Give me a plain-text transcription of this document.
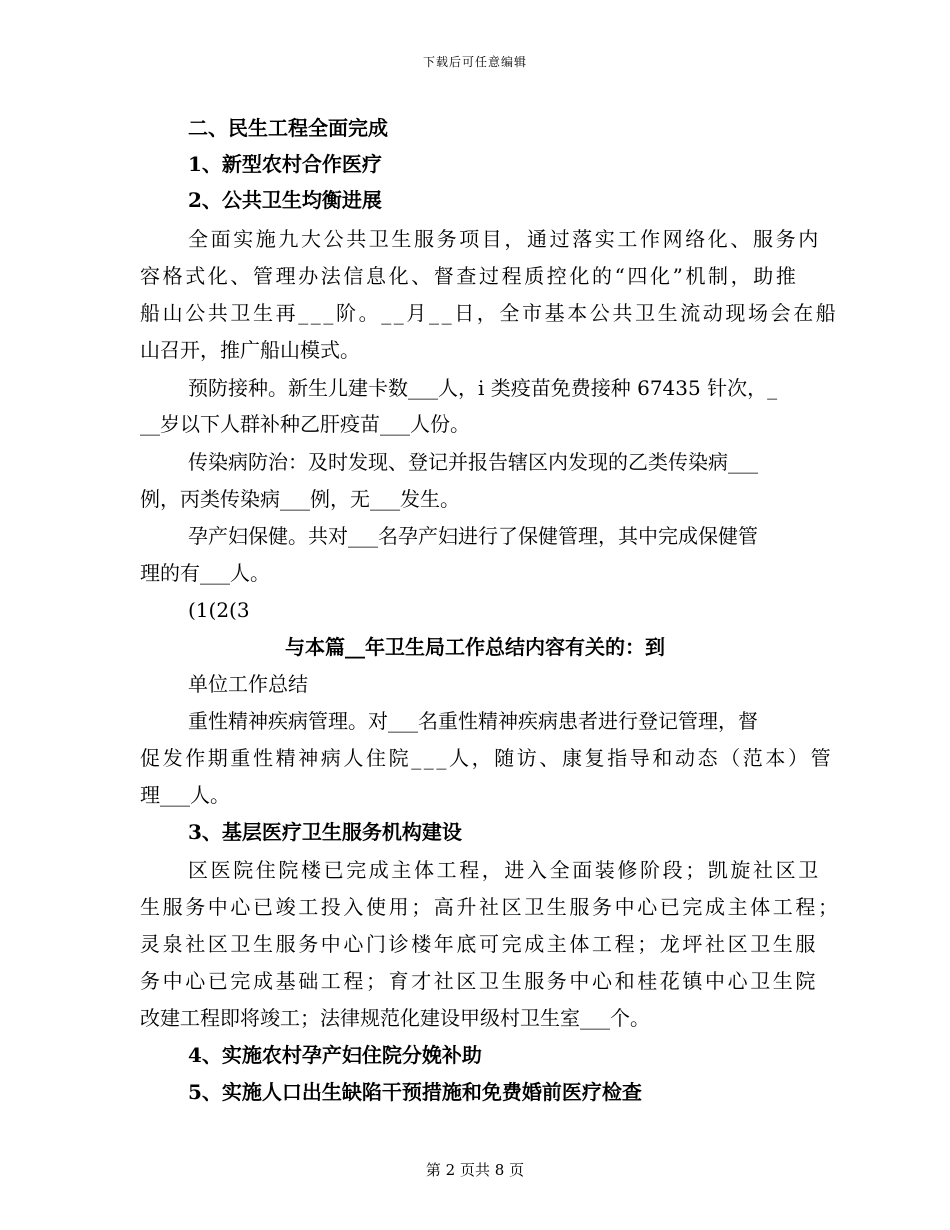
下载后可任意编辑
二、民生工程全面完成
1、新型农村合作医疗
2、公共卫生均衡进展
全面实施九大公共卫生服务项目，通过落实工作网络化、服务内
容格式化、管理办法信息化、督查过程质控化的“四化”机制，助推
船山公共卫生再___阶。__月__日，全市基本公共卫生流动现场会在船
山召开，推广船山模式。
预防接种。新生儿建卡数___人，i 类疫苗免费接种 67435 针次，_
__岁以下人群补种乙肝疫苗___人份。
传染病防治：及时发现、登记并报告辖区内发现的乙类传染病___
例，丙类传染病___例，无___发生。
孕产妇保健。共对___名孕产妇进行了保健管理，其中完成保健管
理的有___人。
(1(2(3
与本篇__年卫生局工作总结内容有关的：到
单位工作总结
重性精神疾病管理。对___名重性精神疾病患者进行登记管理，督
促发作期重性精神病人住院___人，随访、康复指导和动态（范本）管
理___人。
3、基层医疗卫生服务机构建设
区医院住院楼已完成主体工程，进入全面装修阶段；凯旋社区卫
生服务中心已竣工投入使用；高升社区卫生服务中心已完成主体工程；
灵泉社区卫生服务中心门诊楼年底可完成主体工程；龙坪社区卫生服
务中心已完成基础工程；育才社区卫生服务中心和桂花镇中心卫生院
改建工程即将竣工；法律规范化建设甲级村卫生室___个。
4、实施农村孕产妇住院分娩补助
5、实施人口出生缺陷干预措施和免费婚前医疗检查
第 2 页共 8 页
